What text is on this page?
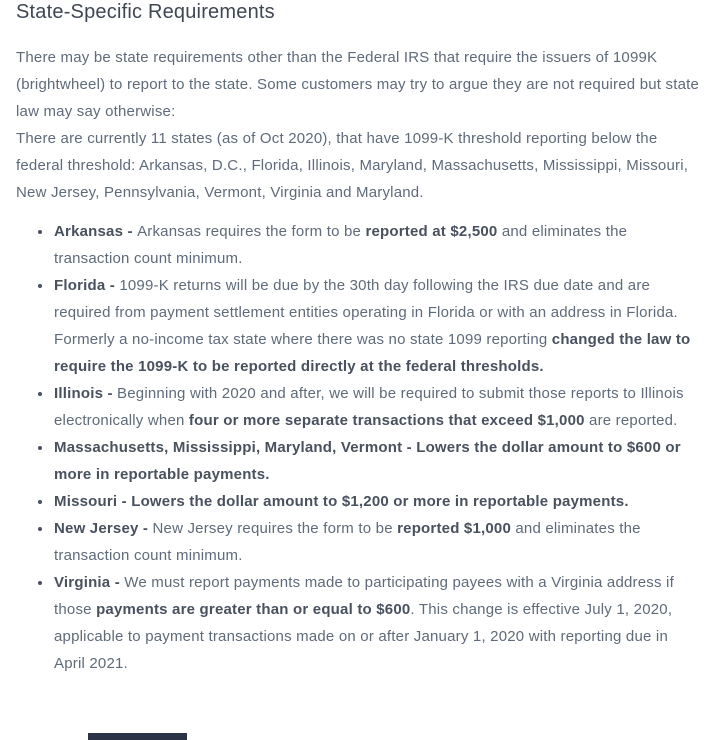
State-Specific Requirements

There may be state requirements other than the Federal IRS that require the issuers of 1099K (brightwheel) to report to the state. Some customers may try to argue they are not required but state law may say otherwise:

There are currently 11 states (as of Oct 2020), that have 1099-K threshold reporting below the federal threshold: Arkansas, D.C., Florida, Illinois, Maryland, Massachusetts, Mississippi, Missouri, New Jersey, Pennsylvania, Vermont, Virginia and Maryland.

• Arkansas - Arkansas requires the form to be reported at $2,500 and eliminates the transaction count minimum.
• Florida - 1099-K returns will be due by the 30th day following the IRS due date and are required from payment settlement entities operating in Florida or with an address in Florida. Formerly a no-income tax state where there was no state 1099 reporting changed the law to require the 1099-K to be reported directly at the federal thresholds.
• Illinois - Beginning with 2020 and after, we will be required to submit those reports to Illinois electronically when four or more separate transactions that exceed $1,000 are reported.
• Massachusetts, Mississippi, Maryland, Vermont - Lowers the dollar amount to $600 or more in reportable payments.
• Missouri - Lowers the dollar amount to $1,200 or more in reportable payments.
• New Jersey - New Jersey requires the form to be reported $1,000 and eliminates the transaction count minimum.
• Virginia - We must report payments made to participating payees with a Virginia address if those payments are greater than or equal to $600. This change is effective July 1, 2020, applicable to payment transactions made on or after January 1, 2020 with reporting due in April 2021.
